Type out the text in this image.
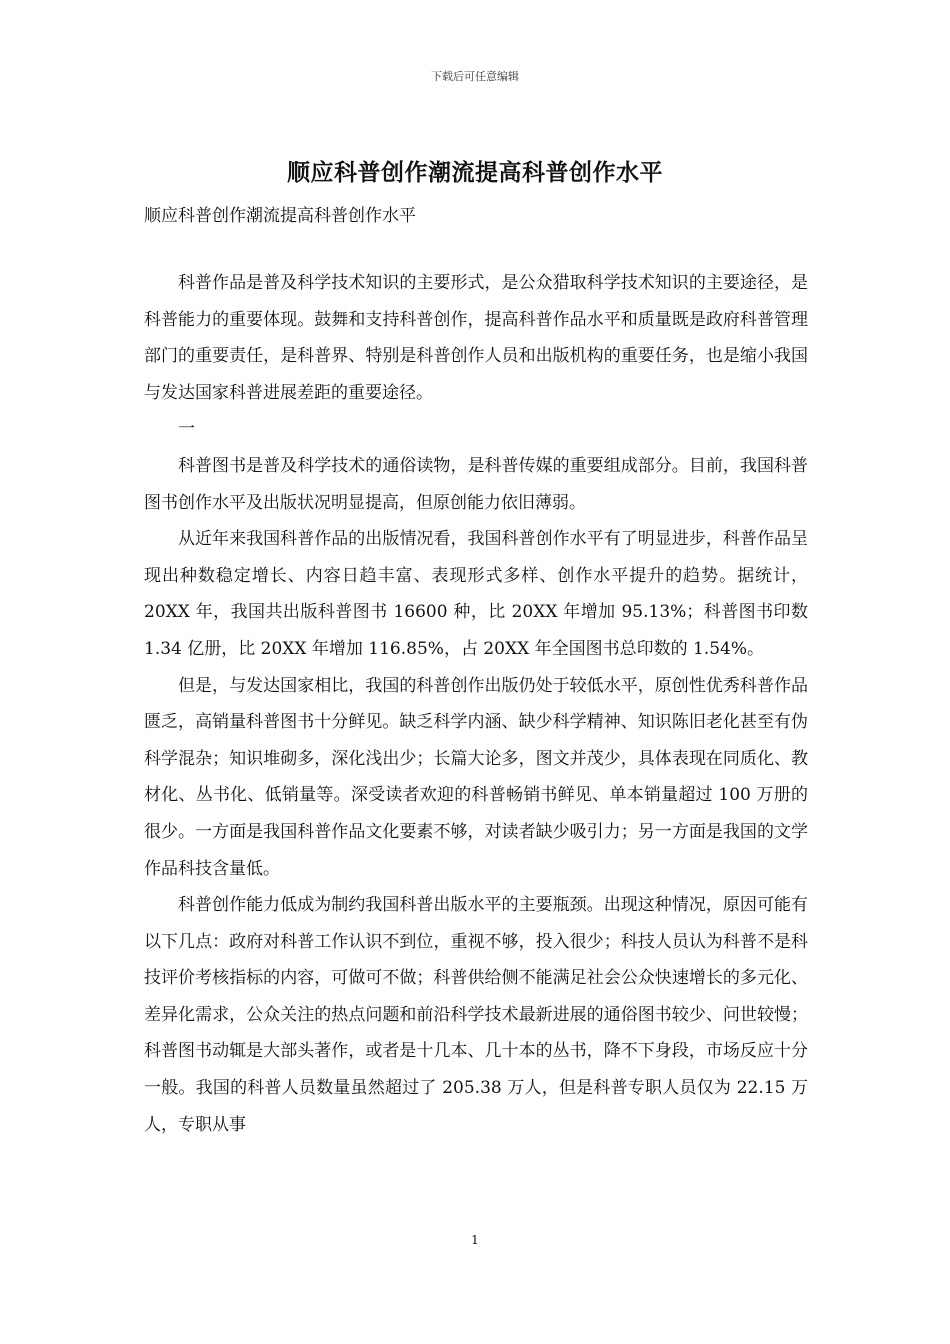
下载后可任意编辑
顺应科普创作潮流提高科普创作水平
顺应科普创作潮流提高科普创作水平

科普作品是普及科学技术知识的主要形式，是公众猎取科学技术知识的主要途径，是科普能力的重要体现。鼓舞和支持科普创作，提高科普作品水平和质量既是政府科普管理部门的重要责任，是科普界、特别是科普创作人员和出版机构的重要任务，也是缩小我国与发达国家科普进展差距的重要途径。

一

科普图书是普及科学技术的通俗读物，是科普传媒的重要组成部分。目前，我国科普图书创作水平及出版状况明显提高，但原创能力依旧薄弱。

从近年来我国科普作品的出版情况看，我国科普创作水平有了明显进步，科普作品呈现出种数稳定增长、内容日趋丰富、表现形式多样、创作水平提升的趋势。据统计，20XX 年，我国共出版科普图书 16600 种，比 20XX 年增加 95.13%；科普图书印数 1.34 亿册，比 20XX 年增加 116.85%，占 20XX 年全国图书总印数的 1.54%。

但是，与发达国家相比，我国的科普创作出版仍处于较低水平，原创性优秀科普作品匮乏，高销量科普图书十分鲜见。缺乏科学内涵、缺少科学精神、知识陈旧老化甚至有伪科学混杂；知识堆砌多，深化浅出少；长篇大论多，图文并茂少，具体表现在同质化、教材化、丛书化、低销量等。深受读者欢迎的科普畅销书鲜见、单本销量超过 100 万册的很少。一方面是我国科普作品文化要素不够，对读者缺少吸引力；另一方面是我国的文学作品科技含量低。

科普创作能力低成为制约我国科普出版水平的主要瓶颈。出现这种情况，原因可能有以下几点：政府对科普工作认识不到位，重视不够，投入很少；科技人员认为科普不是科技评价考核指标的内容，可做可不做；科普供给侧不能满足社会公众快速增长的多元化、差异化需求，公众关注的热点问题和前沿科学技术最新进展的通俗图书较少、问世较慢；科普图书动辄是大部头著作，或者是十几本、几十本的丛书，降不下身段，市场反应十分一般。我国的科普人员数量虽然超过了 205.38 万人，但是科普专职人员仅为 22.15 万人，专职从事

1
